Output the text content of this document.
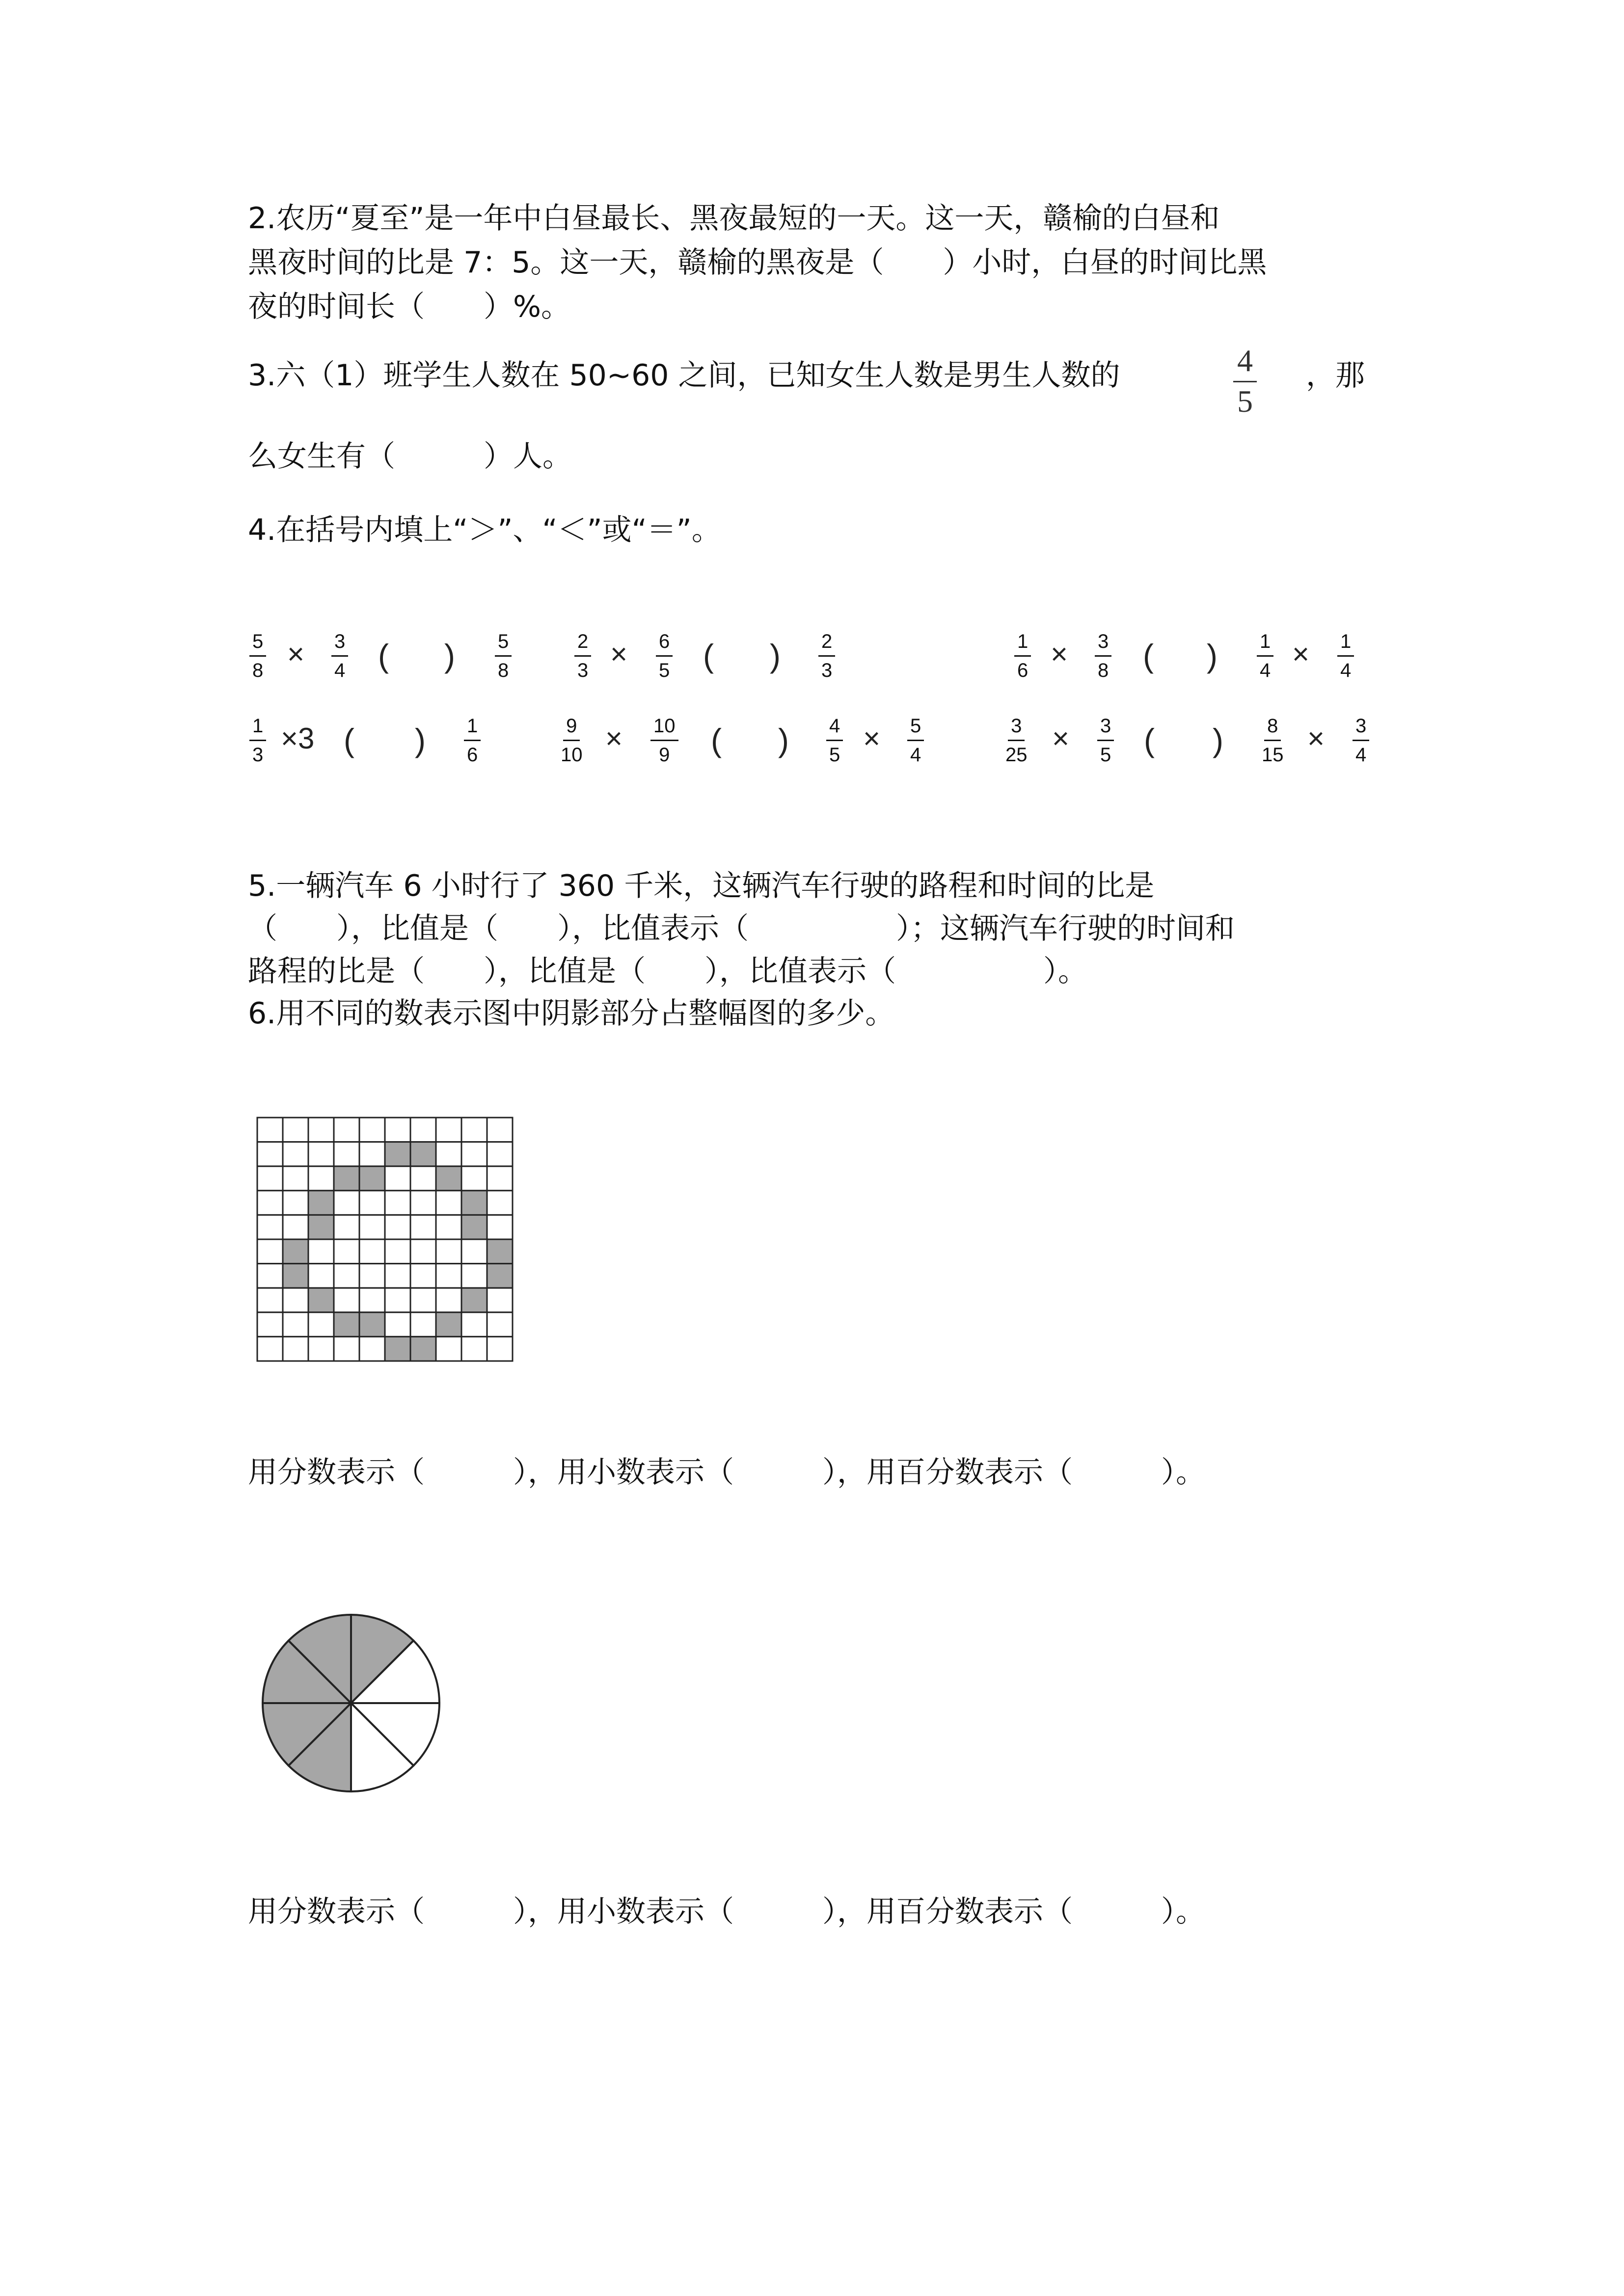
2.农历“夏至”是一年中白昼最长、黑夜最短的一天。这一天，赣榆的白昼和

黑夜时间的比是 7：5。这一天，赣榆的黑夜是（　　）小时，白昼的时间比黑

夜的时间长（　　）%。

3.六（1）班学生人数在 50~60 之间，已知女生人数是男生人数的	$\frac{4}{5}$ ，那

么女生有（　　　）人。

4.在括号内填上“＞”、“＜”或“＝”。

$\frac{5}{8} \times \frac{3}{4}$ ( ) $\frac{5}{8}$	$\frac{2}{3} \times \frac{6}{5}$ ( ) $\frac{2}{3}$	$\frac{1}{6} \times \frac{3}{8}$ ( ) $\frac{1}{4} \times \frac{1}{4}$
$\frac{1}{3} \times 3$ ( ) $\frac{1}{6}$	$\frac{9}{10} \times \frac{10}{9}$ ( ) $\frac{4}{5} \times \frac{5}{4}$	$\frac{3}{25} \times \frac{3}{5}$ ( ) $\frac{8}{15} \times \frac{3}{4}$

5.一辆汽车 6 小时行了 360 千米，这辆汽车行驶的路程和时间的比是

（　　），比值是（　　），比值表示（　　　　　）；这辆汽车行驶的时间和

路程的比是（　　），比值是（　　），比值表示（　　　　　）。

6.用不同的数表示图中阴影部分占整幅图的多少。

用分数表示（　　　），用小数表示（　　　），用百分数表示（　　　）。

用分数表示（　　　），用小数表示（　　　），用百分数表示（　　　）。
